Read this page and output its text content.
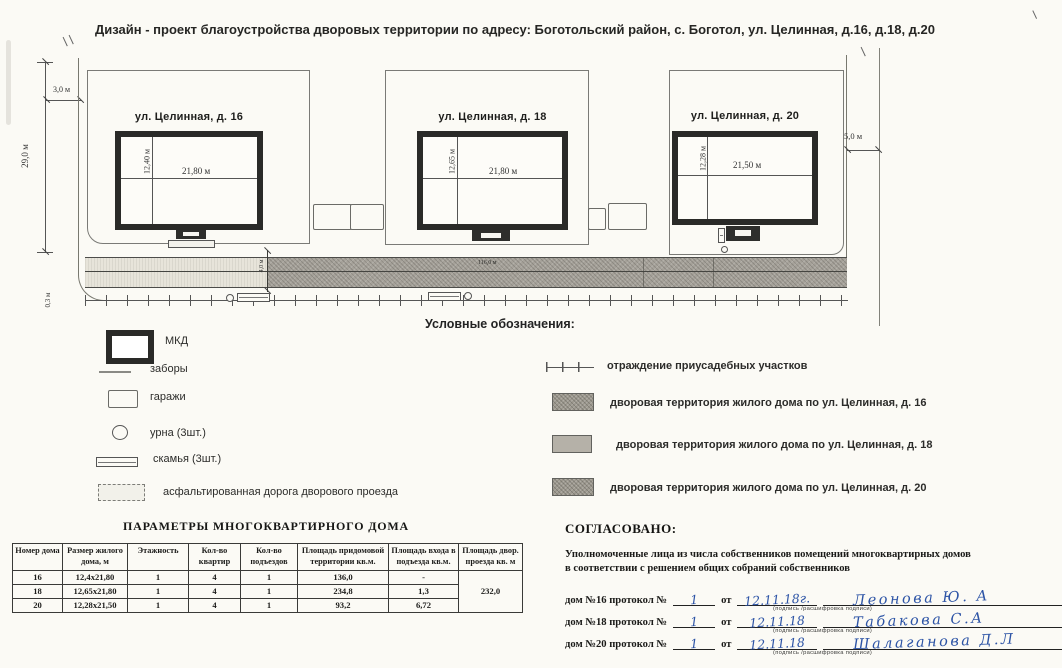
Дизайн - проект благоустройства дворовых территории по адресу: Боготольский район, с. Боготол, ул. Целинная, д.16, д.18, д.20
29,0 м
3,0 м
ул. Целинная, д. 16
12,40 м	21,80 м
ул. Целинная, д. 18
12,65 м	21,80 м
ул. Целинная, д. 20
12,28 м	21,50 м
5,0 м
116,0 м
4,0 м
0,3 м
Условные обозначения:
МКД
заборы
гаражи
урна (3шт.)
скамья (3шт.)
асфальтированная дорога дворового проезда
отраждение приусадебных участков
дворовая территория жилого дома по ул. Целинная, д. 16
дворовая территория жилого дома по ул. Целинная, д. 18
дворовая территория жилого дома по ул. Целинная, д. 20
ПАРАМЕТРЫ МНОГОКВАРТИРНОГО ДОМА
Номер дома	Размер жилого дома, м	Этажность	Кол-во квартир	Кол-во подъездов	Площадь придомовой территории кв.м.	Площадь входа в подъезда кв.м.	Площадь двор. проезда кв. м
16	12,4x21,80	1	4	1	136,0	-	232,0
18	12,65x21,80	1	4	1	234,8	1,3	
20	12,28x21,50	1	4	1	93,2	6,72	
СОГЛАСОВАНО:
Уполномоченные лица из числа собственников помещений многоквартирных домов
в соответствии с решением общих собраний собственников
дом №16 протокол №	1	от	12.11.18г.	Леонова Ю. А
(подпись /расшифровка подписи)
дом №18 протокол №	1	от	12.11.18	Табакова С.А
(подпись /расшифровка подписи)
дом №20 протокол №	1	от	12.11.18	Шалаганова Д.Л
(подпись /расшифровка подписи)
